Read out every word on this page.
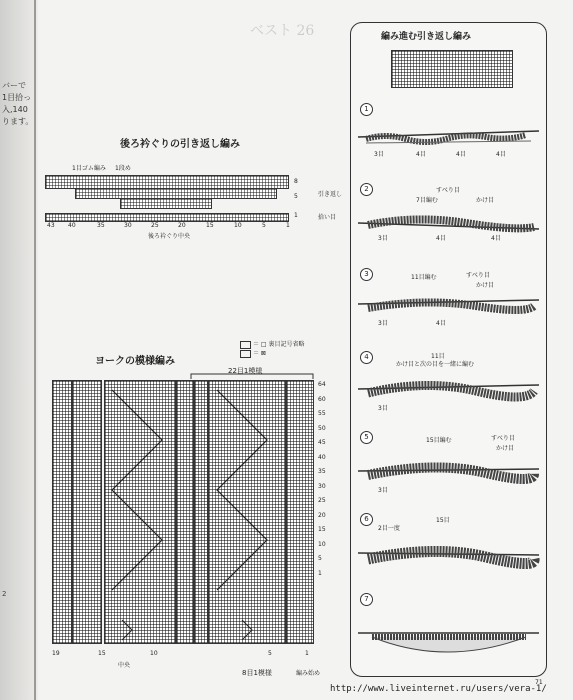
バーで
1目拾っ
入,140
ります。
2
ベスト 26
後ろ衿ぐりの引き返し編み
1目ゴム編み 1段め
8
5
1
引き返し
拾い目
43 40	35	30	25	20	15	10	5	1
後ろ衿ぐり中央
＝ □ 裏目記号省略
＝ ⊠
ヨークの模様編み
22目1模様
64
60
55
50
45
40
35
30
25
20
15
10
5
1
19	15	10	5	1
中央
8目1模様	編み始め
編み進む引き返し編み
1
3目	4目	4目	4目
2	すべり目
7目編む	かけ目
3目	4目	4目
3	11目編む	すべり目
かけ目
3目	4目
4	11目
かけ目と次の目を一緒に編む
3目
5	15目編む	すべり目
かけ目
3目
6	15目
2目一度
7
71
http://www.liveinternet.ru/users/vera-1/
